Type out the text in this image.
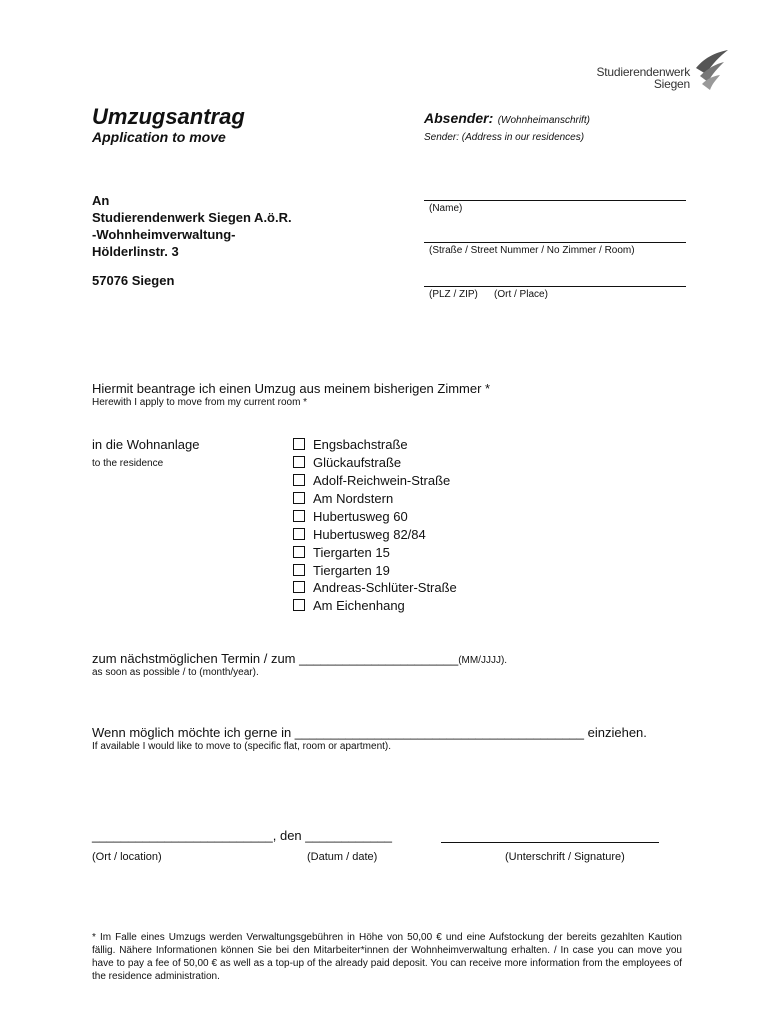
Studierendenwerk
Siegen
Umzugsantrag
Application to move
Absender: (Wohnheimanschrift)
Sender: (Address in our residences)
An
Studierendenwerk Siegen A.ö.R.
-Wohnheimverwaltung-
Hölderlinstr. 3
57076 Siegen
(Name)
(Straße / Street Nummer / No Zimmer / Room)
(PLZ / ZIP) (Ort / Place)
Hiermit beantrage ich einen Umzug aus meinem bisherigen Zimmer *
Herewith I apply to move from my current room *
in die Wohnanlage
to the residence
Engsbachstraße
Glückaufstraße
Adolf-Reichwein-Straße
Am Nordstern
Hubertusweg 60
Hubertusweg 82/84
Tiergarten 15
Tiergarten 19
Andreas-Schlüter-Straße
Am Eichenhang
zum nächstmöglichen Termin / zum ______________________(MM/JJJJ).
as soon as possible / to (month/year).
Wenn möglich möchte ich gerne in ________________________________________ einziehen.
If available I would like to move to (specific flat, room or apartment).
_________________________, den ____________
(Ort / location)	(Datum / date)	(Unterschrift / Signature)
* Im Falle eines Umzugs werden Verwaltungsgebühren in Höhe von 50,00 € und eine Aufstockung der bereits gezahlten Kaution fällig. Nähere Informationen können Sie bei den Mitarbeiter*innen der Wohnheimverwaltung erhalten. / In case you can move you have to pay a fee of 50,00 € as well as a top-up of the already paid deposit. You can receive more information from the employees of the residence administration.
